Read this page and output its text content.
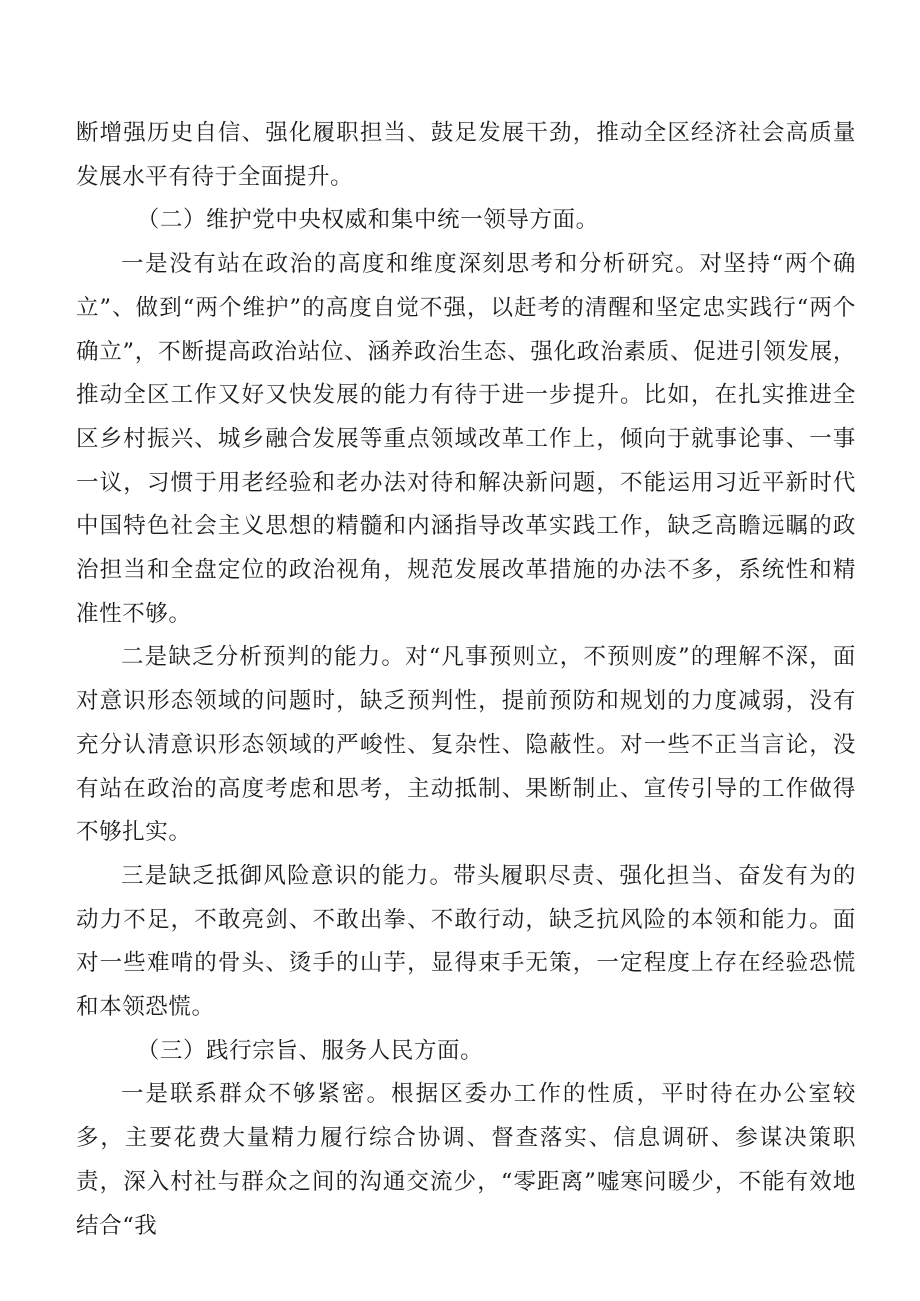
断增强历史自信、强化履职担当、鼓足发展干劲，推动全区经济社会高质量发展水平有待于全面提升。

（二）维护党中央权威和集中统一领导方面。

一是没有站在政治的高度和维度深刻思考和分析研究。对坚持“两个确立”、做到“两个维护”的高度自觉不强，以赶考的清醒和坚定忠实践行“两个确立”，不断提高政治站位、涵养政治生态、强化政治素质、促进引领发展，推动全区工作又好又快发展的能力有待于进一步提升。比如，在扎实推进全区乡村振兴、城乡融合发展等重点领域改革工作上，倾向于就事论事、一事一议，习惯于用老经验和老办法对待和解决新问题，不能运用习近平新时代中国特色社会主义思想的精髓和内涵指导改革实践工作，缺乏高瞻远瞩的政治担当和全盘定位的政治视角，规范发展改革措施的办法不多，系统性和精准性不够。

二是缺乏分析预判的能力。对“凡事预则立，不预则废”的理解不深，面对意识形态领域的问题时，缺乏预判性，提前预防和规划的力度减弱，没有充分认清意识形态领域的严峻性、复杂性、隐蔽性。对一些不正当言论，没有站在政治的高度考虑和思考，主动抵制、果断制止、宣传引导的工作做得不够扎实。

三是缺乏抵御风险意识的能力。带头履职尽责、强化担当、奋发有为的动力不足，不敢亮剑、不敢出拳、不敢行动，缺乏抗风险的本领和能力。面对一些难啃的骨头、烫手的山芋，显得束手无策，一定程度上存在经验恐慌和本领恐慌。

（三）践行宗旨、服务人民方面。

一是联系群众不够紧密。根据区委办工作的性质，平时待在办公室较多，主要花费大量精力履行综合协调、督查落实、信息调研、参谋决策职责，深入村社与群众之间的沟通交流少，“零距离”嘘寒问暖少，不能有效地结合“我
